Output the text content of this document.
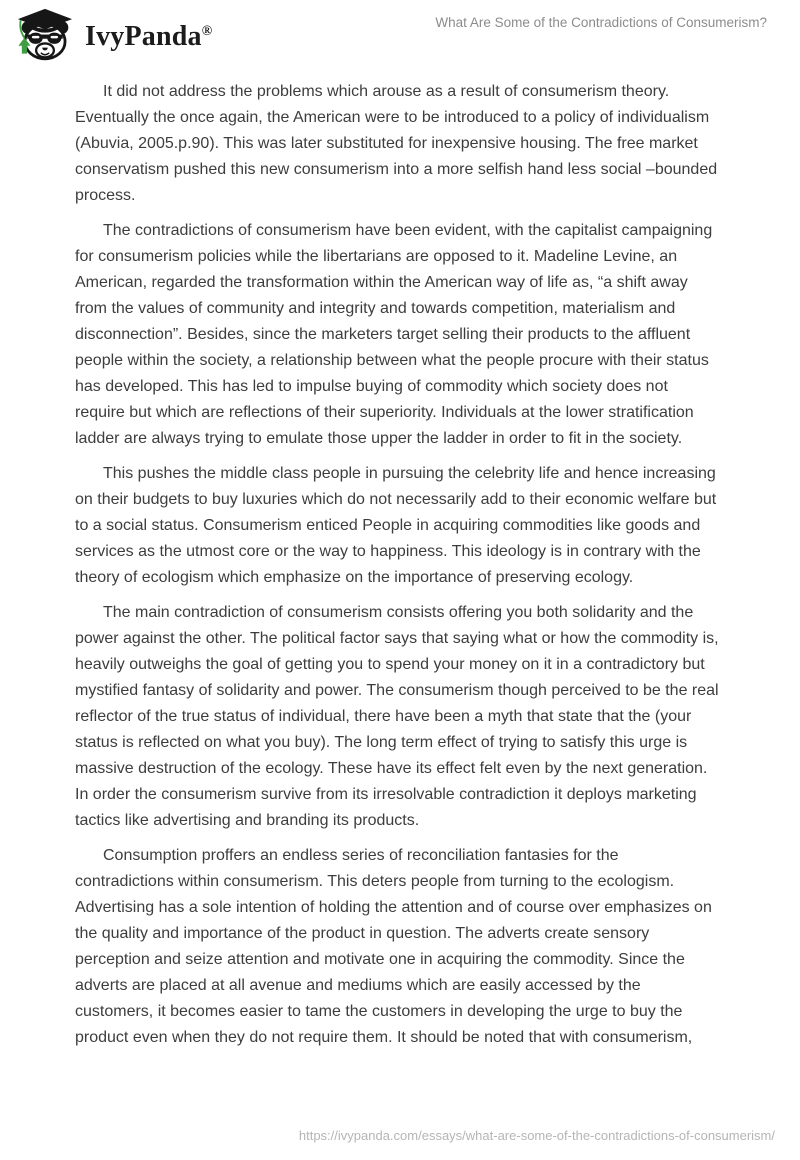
IvyPanda®
What Are Some of the Contradictions of Consumerism?

It did not address the problems which arouse as a result of consumerism theory. Eventually the once again, the American were to be introduced to a policy of individualism (Abuvia, 2005.p.90). This was later substituted for inexpensive housing. The free market conservatism pushed this new consumerism into a more selfish hand less social –bounded process.

The contradictions of consumerism have been evident, with the capitalist campaigning for consumerism policies while the libertarians are opposed to it. Madeline Levine, an American, regarded the transformation within the American way of life as, “a shift away from the values of community and integrity and towards competition, materialism and disconnection”. Besides, since the marketers target selling their products to the affluent people within the society, a relationship between what the people procure with their status has developed. This has led to impulse buying of commodity which society does not require but which are reflections of their superiority. Individuals at the lower stratification ladder are always trying to emulate those upper the ladder in order to fit in the society.

This pushes the middle class people in pursuing the celebrity life and hence increasing on their budgets to buy luxuries which do not necessarily add to their economic welfare but to a social status. Consumerism enticed People in acquiring commodities like goods and services as the utmost core or the way to happiness. This ideology is in contrary with the theory of ecologism which emphasize on the importance of preserving ecology.

The main contradiction of consumerism consists offering you both solidarity and the power against the other. The political factor says that saying what or how the commodity is, heavily outweighs the goal of getting you to spend your money on it in a contradictory but mystified fantasy of solidarity and power. The consumerism though perceived to be the real reflector of the true status of individual, there have been a myth that state that the (your status is reflected on what you buy). The long term effect of trying to satisfy this urge is massive destruction of the ecology. These have its effect felt even by the next generation. In order the consumerism survive from its irresolvable contradiction it deploys marketing tactics like advertising and branding its products.

Consumption proffers an endless series of reconciliation fantasies for the contradictions within consumerism. This deters people from turning to the ecologism. Advertising has a sole intention of holding the attention and of course over emphasizes on the quality and importance of the product in question. The adverts create sensory perception and seize attention and motivate one in acquiring the commodity. Since the adverts are placed at all avenue and mediums which are easily accessed by the customers, it becomes easier to tame the customers in developing the urge to buy the product even when they do not require them. It should be noted that with consumerism,

https://ivypanda.com/essays/what-are-some-of-the-contradictions-of-consumerism/
